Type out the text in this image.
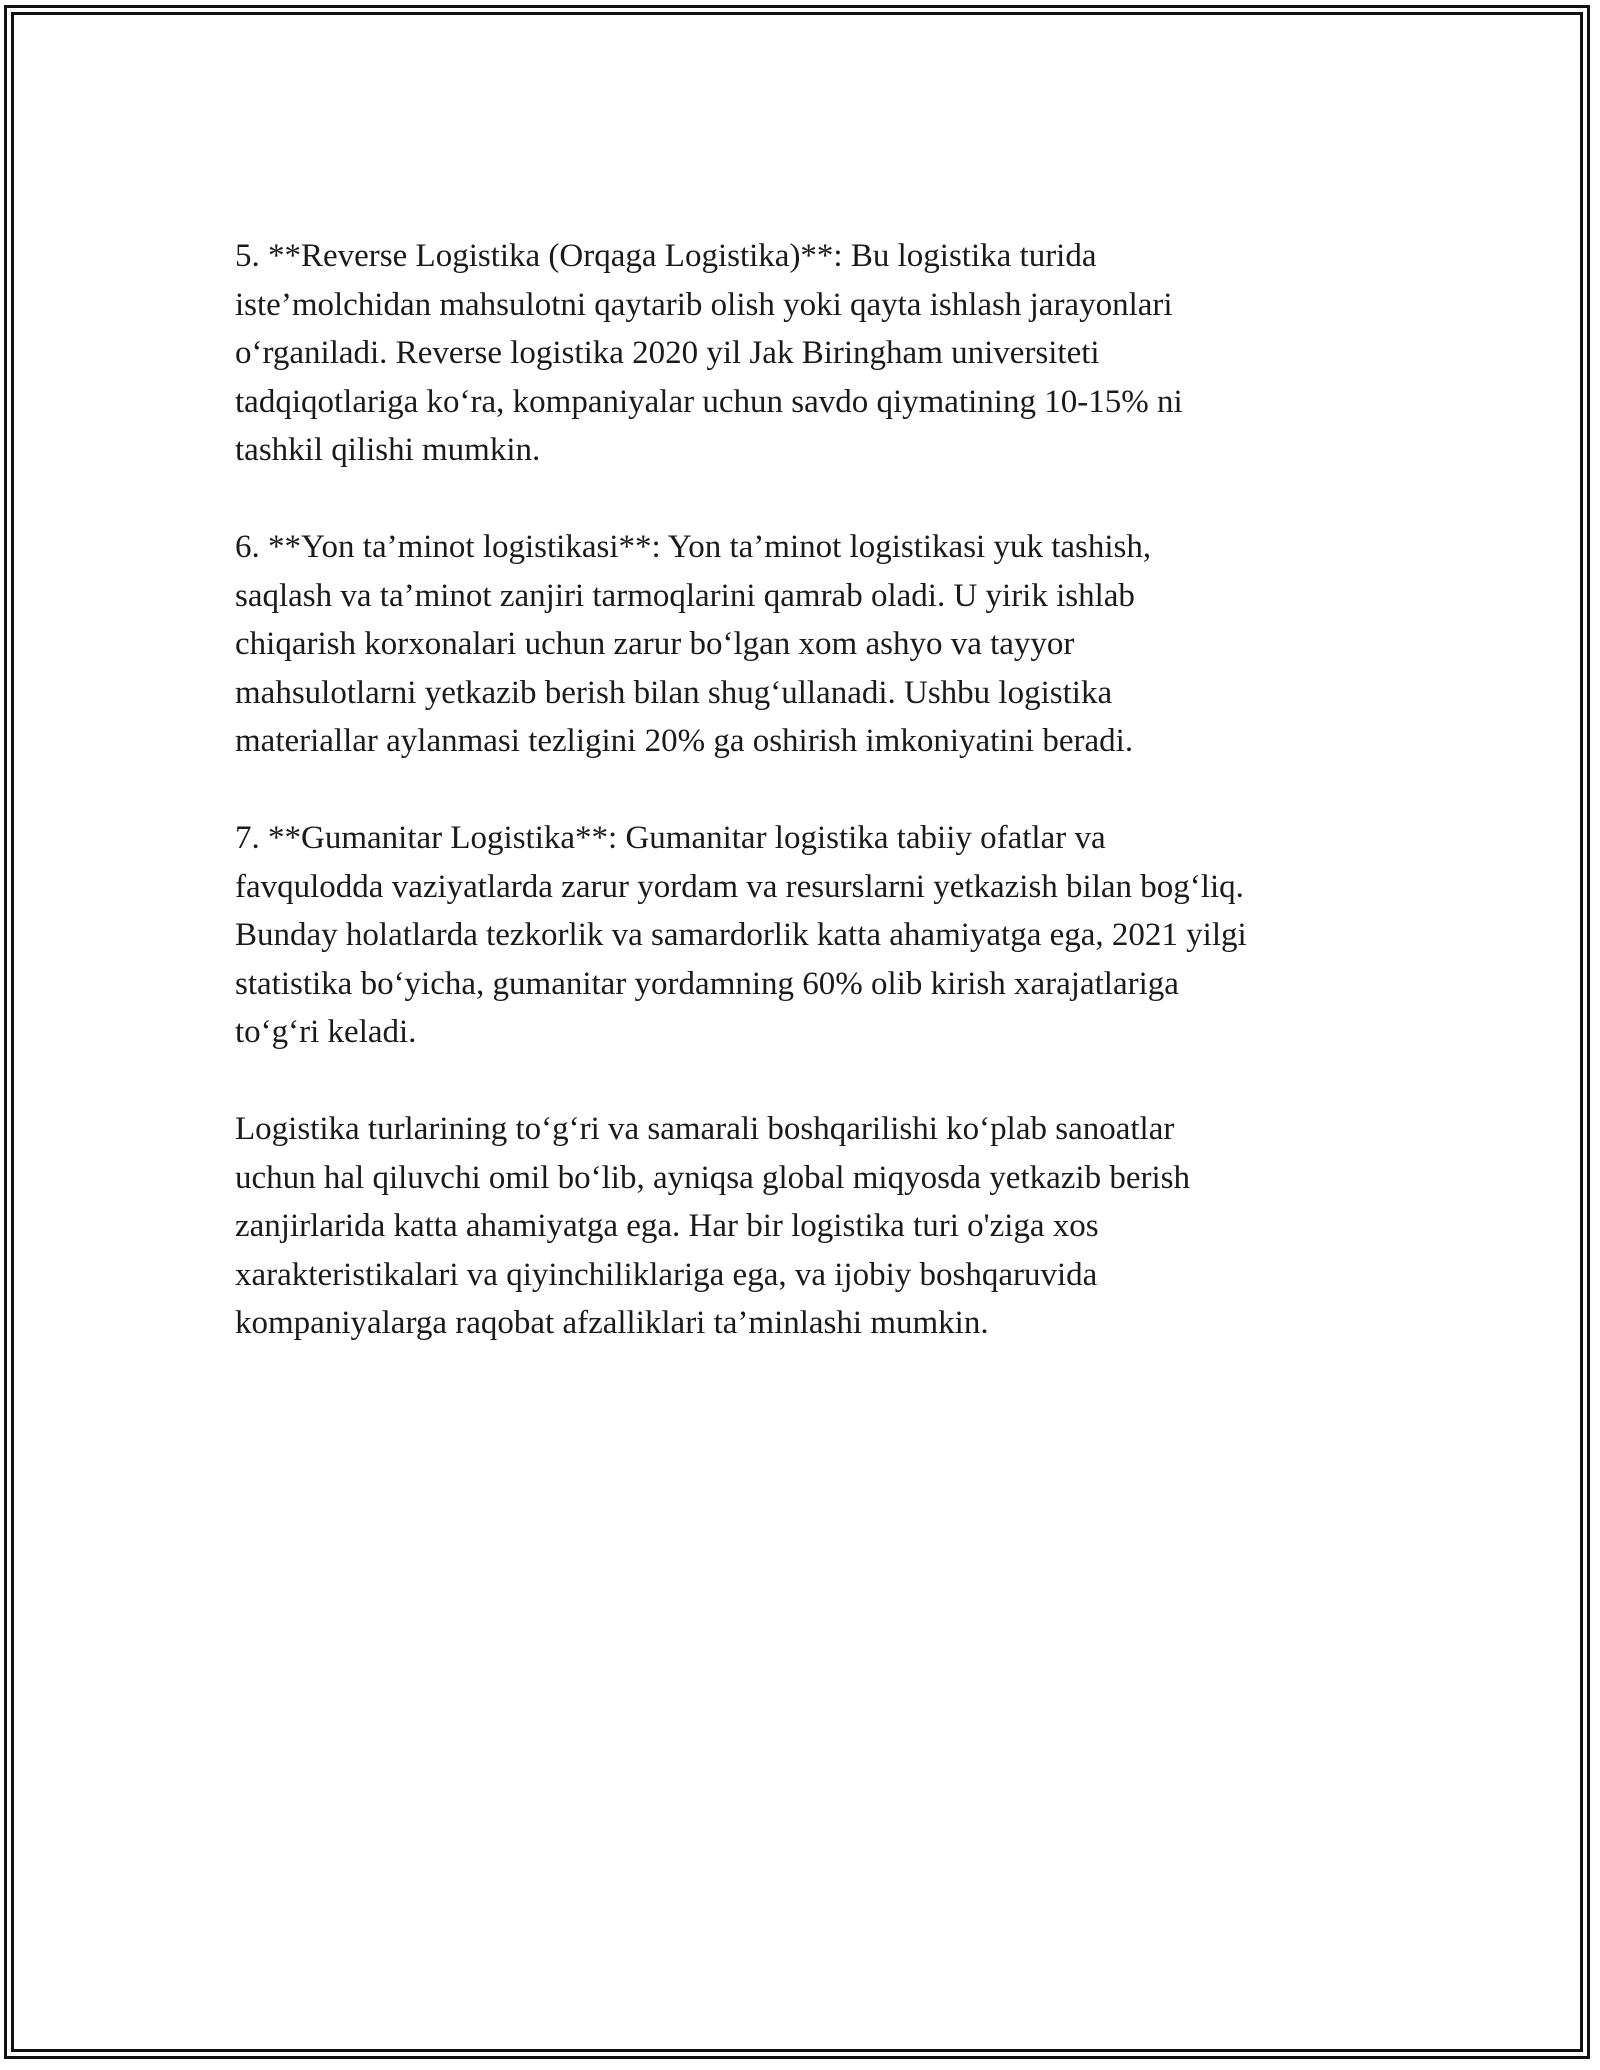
5. **Reverse Logistika (Orqaga Logistika)**: Bu logistika turida
iste’molchidan mahsulotni qaytarib olish yoki qayta ishlash jarayonlari
o‘rganiladi. Reverse logistika 2020 yil Jak Biringham universiteti
tadqiqotlariga ko‘ra, kompaniyalar uchun savdo qiymatining 10-15% ni
tashkil qilishi mumkin.

6. **Yon ta’minot logistikasi**: Yon ta’minot logistikasi yuk tashish,
saqlash va ta’minot zanjiri tarmoqlarini qamrab oladi. U yirik ishlab
chiqarish korxonalari uchun zarur bo‘lgan xom ashyo va tayyor
mahsulotlarni yetkazib berish bilan shug‘ullanadi. Ushbu logistika
materiallar aylanmasi tezligini 20% ga oshirish imkoniyatini beradi.

7. **Gumanitar Logistika**: Gumanitar logistika tabiiy ofatlar va
favqulodda vaziyatlarda zarur yordam va resurslarni yetkazish bilan bog‘liq.
Bunday holatlarda tezkorlik va samardorlik katta ahamiyatga ega, 2021 yilgi
statistika bo‘yicha, gumanitar yordamning 60% olib kirish xarajatlariga
to‘g‘ri keladi.

Logistika turlarining to‘g‘ri va samarali boshqarilishi ko‘plab sanoatlar
uchun hal qiluvchi omil bo‘lib, ayniqsa global miqyosda yetkazib berish
zanjirlarida katta ahamiyatga ega. Har bir logistika turi o'ziga xos
xarakteristikalari va qiyinchiliklariga ega, va ijobiy boshqaruvida
kompaniyalarga raqobat afzalliklari ta’minlashi mumkin.
